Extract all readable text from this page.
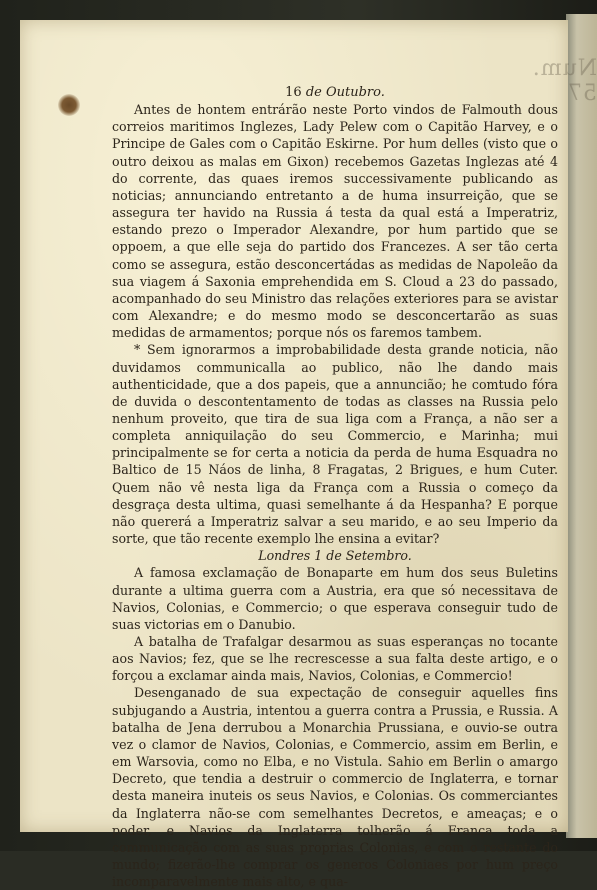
Num. 57

16 de Outubro.

Antes de hontem entrárão neste Porto vindos de Falmouth dous correios maritimos Inglezes, Lady Pelew com o Capitão Harvey, e o Principe de Gales com o Capitão Eskirne. Por hum delles (visto que o outro deixou as malas em Gixon) recebemos Gazetas Inglezas até 4 do corrente, das quaes iremos successivamente publicando as noticias; annunciando entretanto a de huma insurreição, que se assegura ter havido na Russia á testa da qual está a Imperatriz, estando prezo o Imperador Alexandre, por hum partido que se oppoem, a que elle seja do partido dos Francezes. A ser tão certa como se assegura, estão desconcertádas as medidas de Napoleão da sua viagem á Saxonia emprehendida em S. Cloud a 23 do passado, acompanhado do seu Ministro das relações exteriores para se avistar com Alexandre; e do mesmo modo se desconcertarão as suas medidas de armamentos; porque nós os faremos tambem.

* Sem ignorarmos a improbabilidade desta grande noticia, não duvidamos communicalla ao publico, não lhe dando mais authenticidade, que a dos papeis, que a annuncião; he comtudo fóra de duvida o descontentamento de todas as classes na Russia pelo nenhum proveito, que tira de sua liga com a França, a não ser a completa anniquilação do seu Commercio, e Marinha; mui principalmente se for certa a noticia da perda de huma Esquadra no Baltico de 15 Náos de linha, 8 Fragatas, 2 Brigues, e hum Cuter. Quem não vê nesta liga da França com a Russia o começo da desgraça desta ultima, quasi semelhante á da Hespanha? E porque não quererá a Imperatriz salvar a seu marido, e ao seu Imperio da sorte, que tão recente exemplo lhe ensina a evitar?

Londres 1 de Setembro.

A famosa exclamação de Bonaparte em hum dos seus Buletins durante a ultima guerra com a Austria, era que só necessitava de Navios, Colonias, e Commercio; o que esperava conseguir tudo de suas victorias em o Danubio.

A batalha de Trafalgar desarmou as suas esperanças no tocante aos Navios; fez, que se lhe recrescesse a sua falta deste artigo, e o forçou a exclamar ainda mais, Navios, Colonias, e Commercio!

Desenganado de sua expectação de conseguir aquelles fins subjugando a Austria, intentou a guerra contra a Prussia, e Russia. A batalha de Jena derrubou a Monarchia Prussiana, e ouvio-se outra vez o clamor de Navios, Colonias, e Commercio, assim em Berlin, e em Warsovia, como no Elba, e no Vistula. Sahio em Berlin o amargo Decreto, que tendia a destruir o commercio de Inglaterra, e tornar desta maneira inuteis os seus Navios, e Colonias. Os commerciantes da Inglaterra não-se com semelhantes Decretos, e ameaças; e o poder, e Navios da Inglaterra tolherão á França toda a communicação com as suas proprias Colonias, e com o restante do mundo; fizerão-lhe comprar os generos Coloniaes por hum preço incomparavelmente mais alto, e qua-
